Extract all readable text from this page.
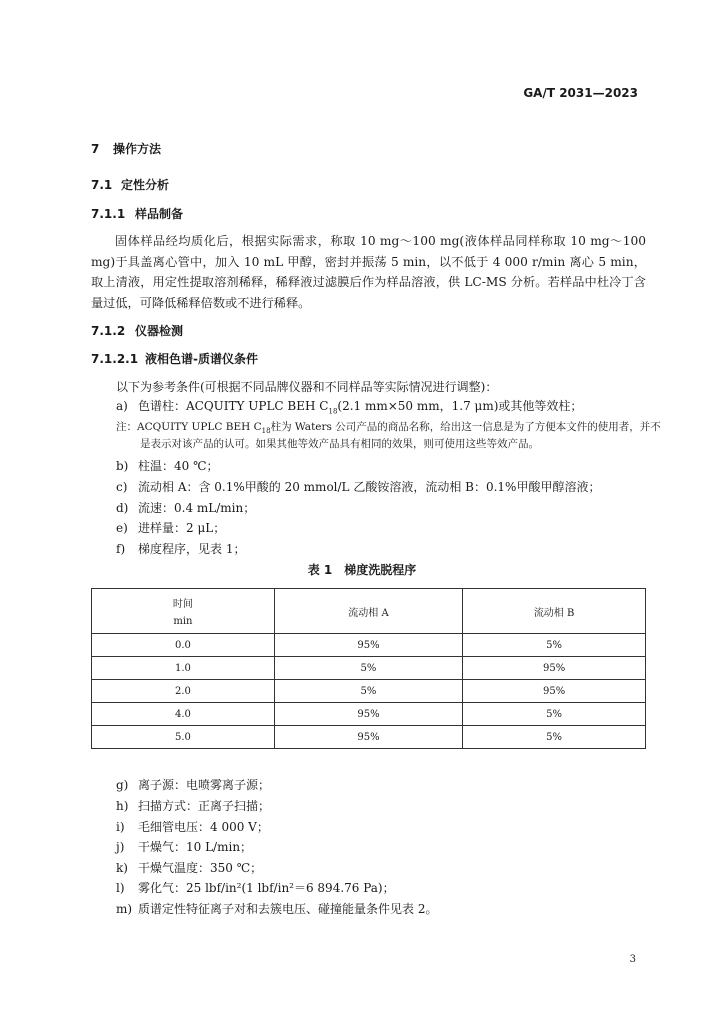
GA/T 2031—2023
7 操作方法
7.1 定性分析
7.1.1 样品制备
固体样品经均质化后，根据实际需求，称取 10 mg～100 mg(液体样品同样称取 10 mg～100 mg)于具盖离心管中，加入 10 mL 甲醇，密封并振荡 5 min，以不低于 4 000 r/min 离心 5 min，取上清液，用定性提取溶剂稀释，稀释液过滤膜后作为样品溶液，供 LC-MS 分析。若样品中杜冷丁含量过低，可降低稀释倍数或不进行稀释。
7.1.2 仪器检测
7.1.2.1 液相色谱-质谱仪条件
以下为参考条件(可根据不同品牌仪器和不同样品等实际情况进行调整)：
a) 色谱柱：ACQUITY UPLC BEH $C_{18}(2.1$ mm×50 mm，1.7 μm)或其他等效柱；
注：ACQUITY UPLC BEH $C_{18}$柱为 Waters 公司产品的商品名称，给出这一信息是为了方便本文件的使用者，并不
是表示对该产品的认可。如果其他等效产品具有相同的效果，则可使用这些等效产品。
b) 柱温：40 ℃；
c) 流动相 A：含 0.1%甲酸的 20 mmol/L 乙酸铵溶液，流动相 B：0.1%甲酸甲醇溶液；
d) 流速：0.4 mL/min；
e) 进样量：2 μL；
f) 梯度程序，见表 1；
表 1　梯度洗脱程序
时间
min	流动相 A	流动相 B
0.0	95%	5%
1.0	5%	95%
2.0	5%	95%
4.0	95%	5%
5.0	95%	5%
g) 离子源：电喷雾离子源；
h) 扫描方式：正离子扫描；
i) 毛细管电压：4 000 V；
j) 干燥气：10 L/min；
k) 干燥气温度：350 ℃；
l) 雾化气：25 lbf/in²(1 lbf/in²＝6 894.76 Pa)；
m) 质谱定性特征离子对和去簇电压、碰撞能量条件见表 2。
3
